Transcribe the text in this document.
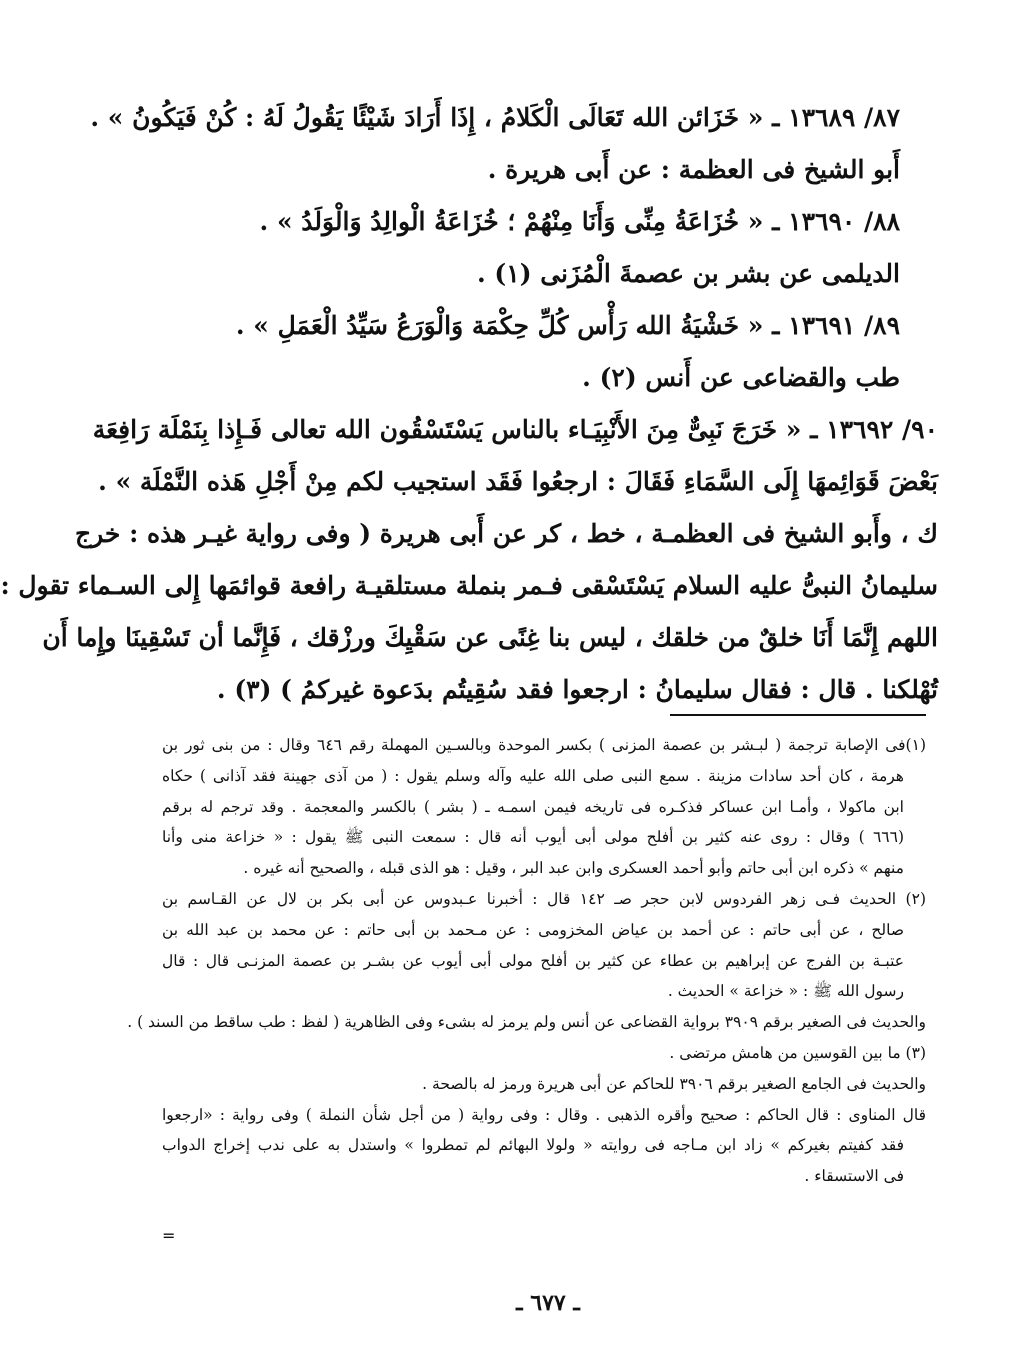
٨٧/ ١٣٦٨٩ ـ « خَزَائن الله تَعَالَى الْكَلامُ ، إِذَا أَرَادَ شَيْئًا يَقُولُ لَهُ : كُنْ فَيَكُونُ » .
أَبو الشيخ فى العظمة : عن أَبى هريرة .
٨٨/ ١٣٦٩٠ ـ « خُزَاعَةُ مِنِّى وَأَنَا مِنْهُمْ ؛ خُزَاعَةُ الْوالِدُ وَالْوَلَدُ » .
الديلمى عن بشر بن عصمةَ الْمُزَنى (١) .
٨٩/ ١٣٦٩١ ـ « خَشْيَةُ الله رَأْس كُلِّ حِكْمَة وَالْوَرَعُ سَيِّدُ الْعَمَلِ » .
طب والقضاعى عن أَنس (٢) .
٩٠/ ١٣٦٩٢ ـ « خَرَجَ نَبِىٌّ مِنَ الأَنْبِيَـاء بالناس يَسْتَسْقُون الله تعالى فَـإِذا بِنَمْلَة رَافِعَة
بَعْضَ قَوَائِمهَا إِلَى السَّمَاءِ فَقَالَ : ارجعُوا فَقَد استجيب لكم مِنْ أَجْلِ هَذه النَّمْلَة » .
ك ، وأَبو الشيخ فى العظمـة ، خط ، كر عن أَبى هريرة ( وفى رواية غيـر هذه : خرج
سليمانُ النبىُّ عليه السلام يَسْتَسْقى فـمر بنملة مستلقيـة رافعة قوائمَها إِلى السـماء تقول :
اللهم إِنَّمَا أَنَا خلقٌ من خلقك ، ليس بنا غِنًى عن سَقْيِكَ ورزْقك ، فَإِنَّما أن تَسْقِينَا وإِما أَن
تُهْلكنا . قال : فقال سليمانُ : ارجعوا فقد سُقِيتُم بدَعوة غيركمُ ) (٣) .
(١)فى الإصابة ترجمة ( لبـشر بن عصمة المزنى ) بكسر الموحدة وبالسـين المهملة رقم ٦٤٦ وقال : من بنى ثور بن
هرمة ، كان أحد سادات مزينة . سمع النبى صلى الله عليه وآله وسلم يقول : ( من آذى جهينة فقد آذانى ) حكاه
ابن ماكولا ، وأمـا ابن عساكر فذكـره فى تاريخه فيمن اسمـه ـ ( بشر ) بالكسر والمعجمة . وقد ترجم له برقم
(٦٦٦ ) وقال : روى عنه كثير بن أفلح مولى أبى أيوب أنه قال : سمعت النبى ﷺ يقول : « خزاعة منى وأنا
منهم » ذكره ابن أبى حاتم وأبو أحمد العسكرى وابن عبد البر ، وقيل : هو الذى قبله ، والصحيح أنه غيره .
(٢) الحديث فـى زهر الفردوس لابن حجر صـ ١٤٢ قال : أخبرنا عـبدوس عن أبى بكر بن لال عن القـاسم بن
صالح ، عن أبى حاتم : عن أحمد بن عياض المخزومى : عن مـحمد بن أبى حاتم : عن محمد بن عبد الله بن
عتبـة بن الفرج عن إبراهيم بن عطاء عن كثير بن أفلح مولى أبى أيوب عن بشـر بن عصمة المزنـى قال : قال
رسول الله ﷺ : « خزاعة » الحديث .
والحديث فى الصغير برقم ٣٩٠٩ برواية القضاعى عن أنس ولم يرمز له بشىء وفى الظاهرية ( لفظ : طب ساقط من السند ) .
(٣) ما بين القوسين من هامش مرتضى .
والحديث فى الجامع الصغير برقم ٣٩٠٦ للحاكم عن أبى هريرة ورمز له بالصحة .
قال المناوى : قال الحاكم : صحيح وأقره الذهبى . وقال : وفى رواية ( من أجل شأن النملة ) وفى رواية : «ارجعوا
فقد كفيتم بغيركم » زاد ابن مـاجه فى روايته « ولولا البهائم لم تمطروا » واستدل به على ندب إخراج الدواب
فى الاستسقاء .
=
ـ ٦٧٧ ـ
